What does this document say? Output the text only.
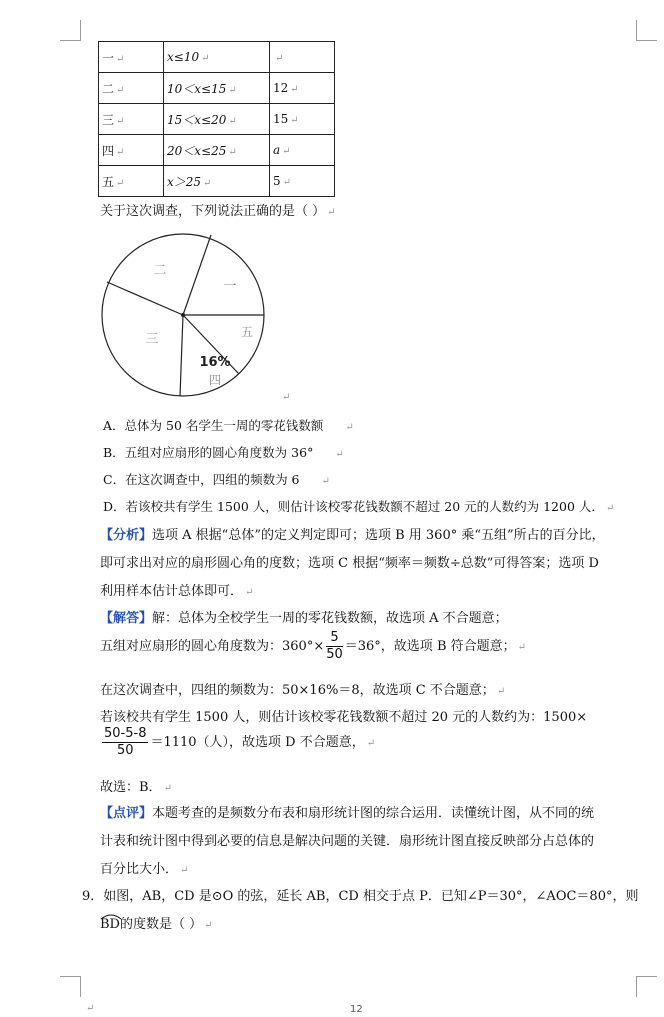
一 ↵	x≤10 ↵	↵
二 ↵	10＜x≤15 ↵	12 ↵
三 ↵	15＜x≤20 ↵	15 ↵
四 ↵	20＜x≤25 ↵	a ↵
五 ↵	x＞25 ↵	5 ↵
关于这次调查，下列说法正确的是（ ） ↵
一
二
三	五
16%
四
↵
A．总体为 50 名学生一周的零花钱数额 ↵
B．五组对应扇形的圆心角度数为 36° ↵
C．在这次调查中，四组的频数为 6 ↵
D．若该校共有学生 1500 人，则估计该校零花钱数额不超过 20 元的人数约为 1200 人． ↵
【分析】选项 A 根据“总体”的定义判定即可；选项 B 用 360° 乘“五组”所占的百分比，
即可求出对应的扇形圆心角的度数；选项 C 根据“频率＝频数÷总数”可得答案；选项 D
利用样本估计总体即可． ↵
【解答】解：总体为全校学生一周的零花钱数额，故选项 A 不合题意；
五组对应扇形的圆心角度数为：$360^\circ\times \frac{5}{50} =36^\circ$，故选项 B 符合题意； ↵
在这次调查中，四组的频数为：50×16%＝8，故选项 C 不合题意； ↵
若该校共有学生 1500 人，则估计该校零花钱数额不超过 20 元的人数约为：1500×
$\frac{50-5-8}{50} =1110$（人），故选项 D 不合题意， ↵
故选：B． ↵
【点评】本题考查的是频数分布表和扇形统计图的综合运用．读懂统计图，从不同的统
计表和统计图中得到必要的信息是解决问题的关键．扇形统计图直接反映部分占总体的
百分比大小． ↵
9．如图，AB，CD 是⊙O 的弦，延长 AB，CD 相交于点 P．已知∠P＝30°，∠AOC＝80°，则
BD的度数是（ ） ↵
↵	12
